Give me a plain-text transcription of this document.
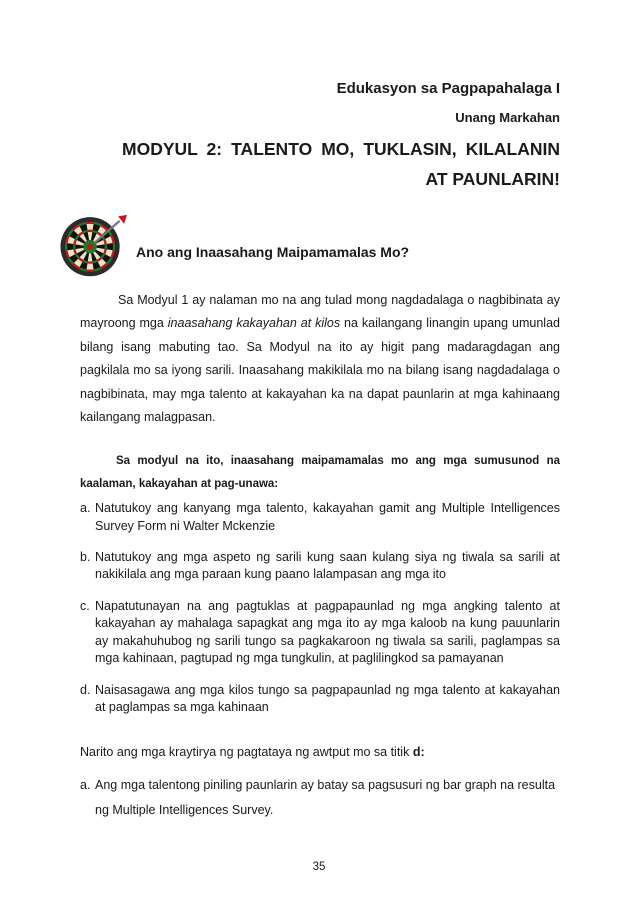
Edukasyon sa Pagpapahalaga I
Unang Markahan
MODYUL 2: TALENTO MO, TUKLASIN, KILALANIN AT PAUNLARIN!
Ano ang Inaasahang Maipamamalas Mo?

Sa Modyul 1 ay nalaman mo na ang tulad mong nagdadalaga o nagbibinata ay mayroong mga inaasahang kakayahan at kilos na kailangang linangin upang umunlad bilang isang mabuting tao. Sa Modyul na ito ay higit pang madaragdagan ang pagkilala mo sa iyong sarili. Inaasahang makikilala mo na bilang isang nagdadalaga o nagbibinata, may mga talento at kakayahan ka na dapat paunlarin at mga kahinaang kailangang malagpasan.

Sa modyul na ito, inaasahang maipamamalas mo ang mga sumusunod na kaalaman, kakayahan at pag-unawa:

a. Natutukoy ang kanyang mga talento, kakayahan gamit ang Multiple Intelligences Survey Form ni Walter Mckenzie
b. Natutukoy ang mga aspeto ng sarili kung saan kulang siya ng tiwala sa sarili at nakikilala ang mga paraan kung paano lalampasan ang mga ito
c. Napatutunayan na ang pagtuklas at pagpapaunlad ng mga angking talento at kakayahan ay mahalaga sapagkat ang mga ito ay mga kaloob na kung pauunlarin ay makahuhubog ng sarili tungo sa pagkakaroon ng tiwala sa sarili, paglampas sa mga kahinaan, pagtupad ng mga tungkulin, at paglilingkod sa pamayanan
d. Naisasagawa ang mga kilos tungo sa pagpapaunlad ng mga talento at kakayahan at paglampas sa mga kahinaan

Narito ang mga kraytirya ng pagtataya ng awtput mo sa titik d:

a. Ang mga talentong piniling paunlarin ay batay sa pagsusuri ng bar graph na resulta ng Multiple Intelligences Survey.
35
